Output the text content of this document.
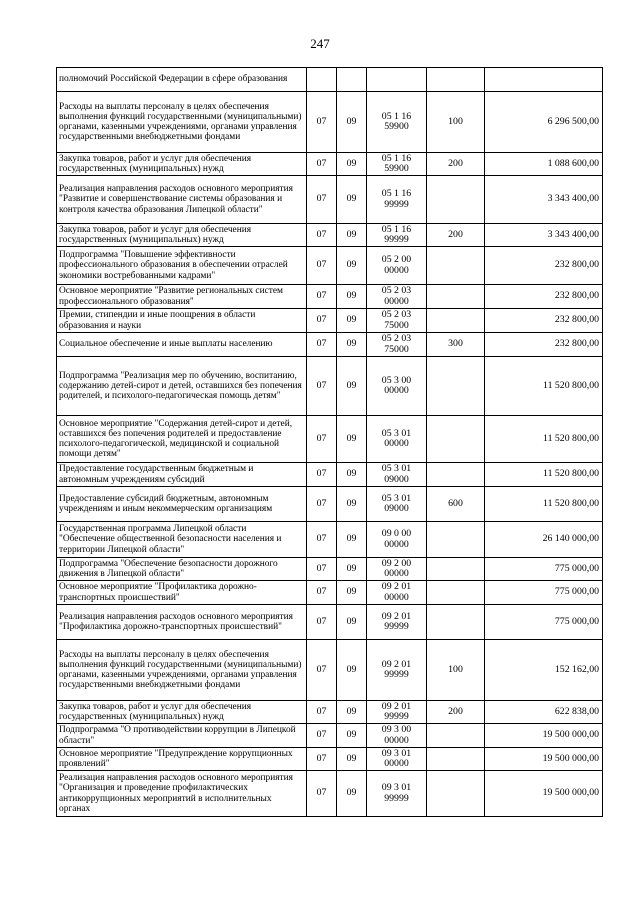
247
полномочий Российской Федерации в сфере образования					
Расходы на выплаты персоналу в целях обеспечения выполнения функций государственными (муниципальными) органами, казенными учреждениями, органами управления государственными внебюджетными фондами	07	09	05 1 16 59900	100	6 296 500,00
Закупка товаров, работ и услуг для обеспечения государственных (муниципальных) нужд	07	09	05 1 16 59900	200	1 088 600,00
Реализация направления расходов основного мероприятия "Развитие и совершенствование системы образования и контроля качества образования Липецкой области"	07	09	05 1 16 99999		3 343 400,00
Закупка товаров, работ и услуг для обеспечения государственных (муниципальных) нужд	07	09	05 1 16 99999	200	3 343 400,00
Подпрограмма "Повышение эффективности профессионального образования в обеспечении отраслей экономики востребованными кадрами"	07	09	05 2 00 00000		232 800,00
Основное мероприятие "Развитие региональных систем профессионального образования"	07	09	05 2 03 00000		232 800,00
Премии, стипендии и иные поощрения в области образования и науки	07	09	05 2 03 75000		232 800,00
Социальное обеспечение и иные выплаты населению	07	09	05 2 03 75000	300	232 800,00
Подпрограмма "Реализация мер по обучению, воспитанию, содержанию детей-сирот и детей, оставшихся без попечения родителей, и психолого-педагогическая помощь детям"	07	09	05 3 00 00000		11 520 800,00
Основное мероприятие "Содержания детей-сирот и детей, оставшихся без попечения родителей и предоставление психолого-педагогической, медицинской и социальной помощи детям"	07	09	05 3 01 00000		11 520 800,00
Предоставление государственным бюджетным и автономным учреждениям субсидий	07	09	05 3 01 09000		11 520 800,00
Предоставление субсидий бюджетным, автономным учреждениям и иным некоммерческим организациям	07	09	05 3 01 09000	600	11 520 800,00
Государственная программа Липецкой области "Обеспечение общественной безопасности населения и территории Липецкой области"	07	09	09 0 00 00000		26 140 000,00
Подпрограмма "Обеспечение безопасности дорожного движения в Липецкой области"	07	09	09 2 00 00000		775 000,00
Основное мероприятие "Профилактика дорожно-транспортных происшествий"	07	09	09 2 01 00000		775 000,00
Реализация направления расходов основного мероприятия "Профилактика дорожно-транспортных происшествий"	07	09	09 2 01 99999		775 000,00
Расходы на выплаты персоналу в целях обеспечения выполнения функций государственными (муниципальными) органами, казенными учреждениями, органами управления государственными внебюджетными фондами	07	09	09 2 01 99999	100	152 162,00
Закупка товаров, работ и услуг для обеспечения государственных (муниципальных) нужд	07	09	09 2 01 99999	200	622 838,00
Подпрограмма "О противодействии коррупции в Липецкой области"	07	09	09 3 00 00000		19 500 000,00
Основное мероприятие "Предупреждение коррупционных проявлений"	07	09	09 3 01 00000		19 500 000,00
Реализация направления расходов основного мероприятия "Организация и проведение профилактических антикоррупционных мероприятий в исполнительных органах	07	09	09 3 01 99999		19 500 000,00
